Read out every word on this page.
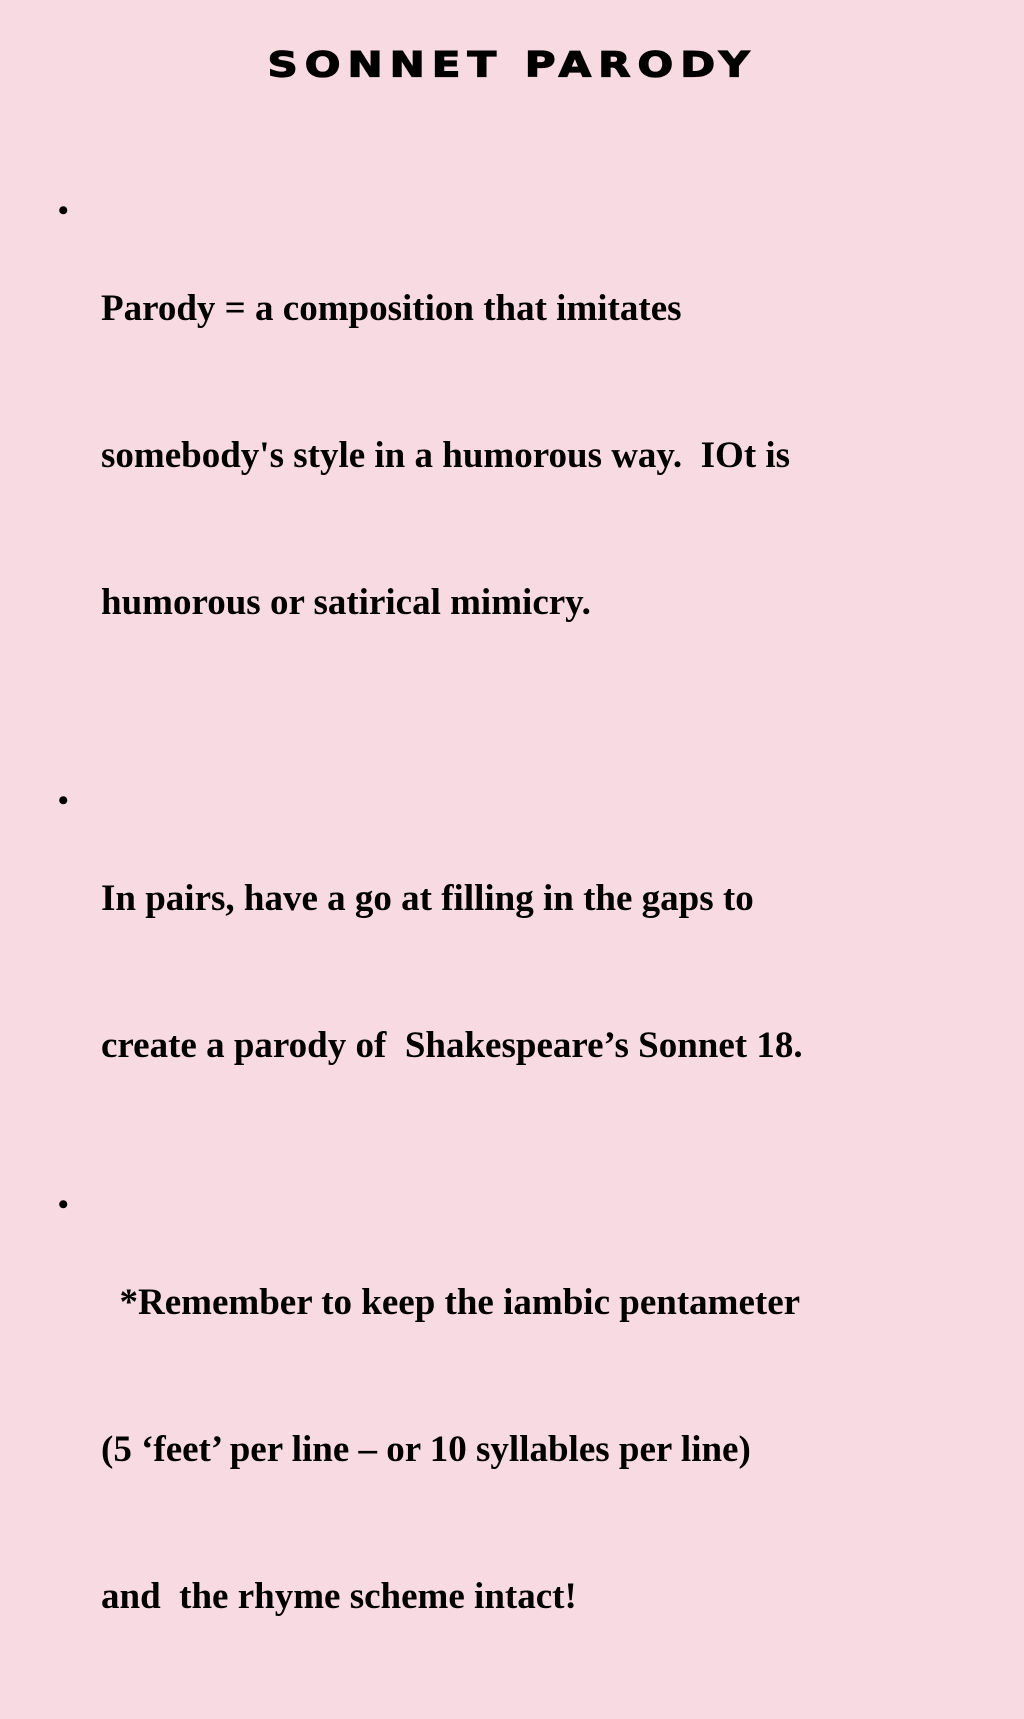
SONNET PARODY

• Parody = a composition that imitates

somebody's style in a humorous way.  IOt is

humorous or satirical mimicry.

• In pairs, have a go at filling in the gaps to

create a parody of  Shakespeare’s Sonnet 18.

•   *Remember to keep the iambic pentameter

(5 ‘feet’ per line – or 10 syllables per line)

and  the rhyme scheme intact!
